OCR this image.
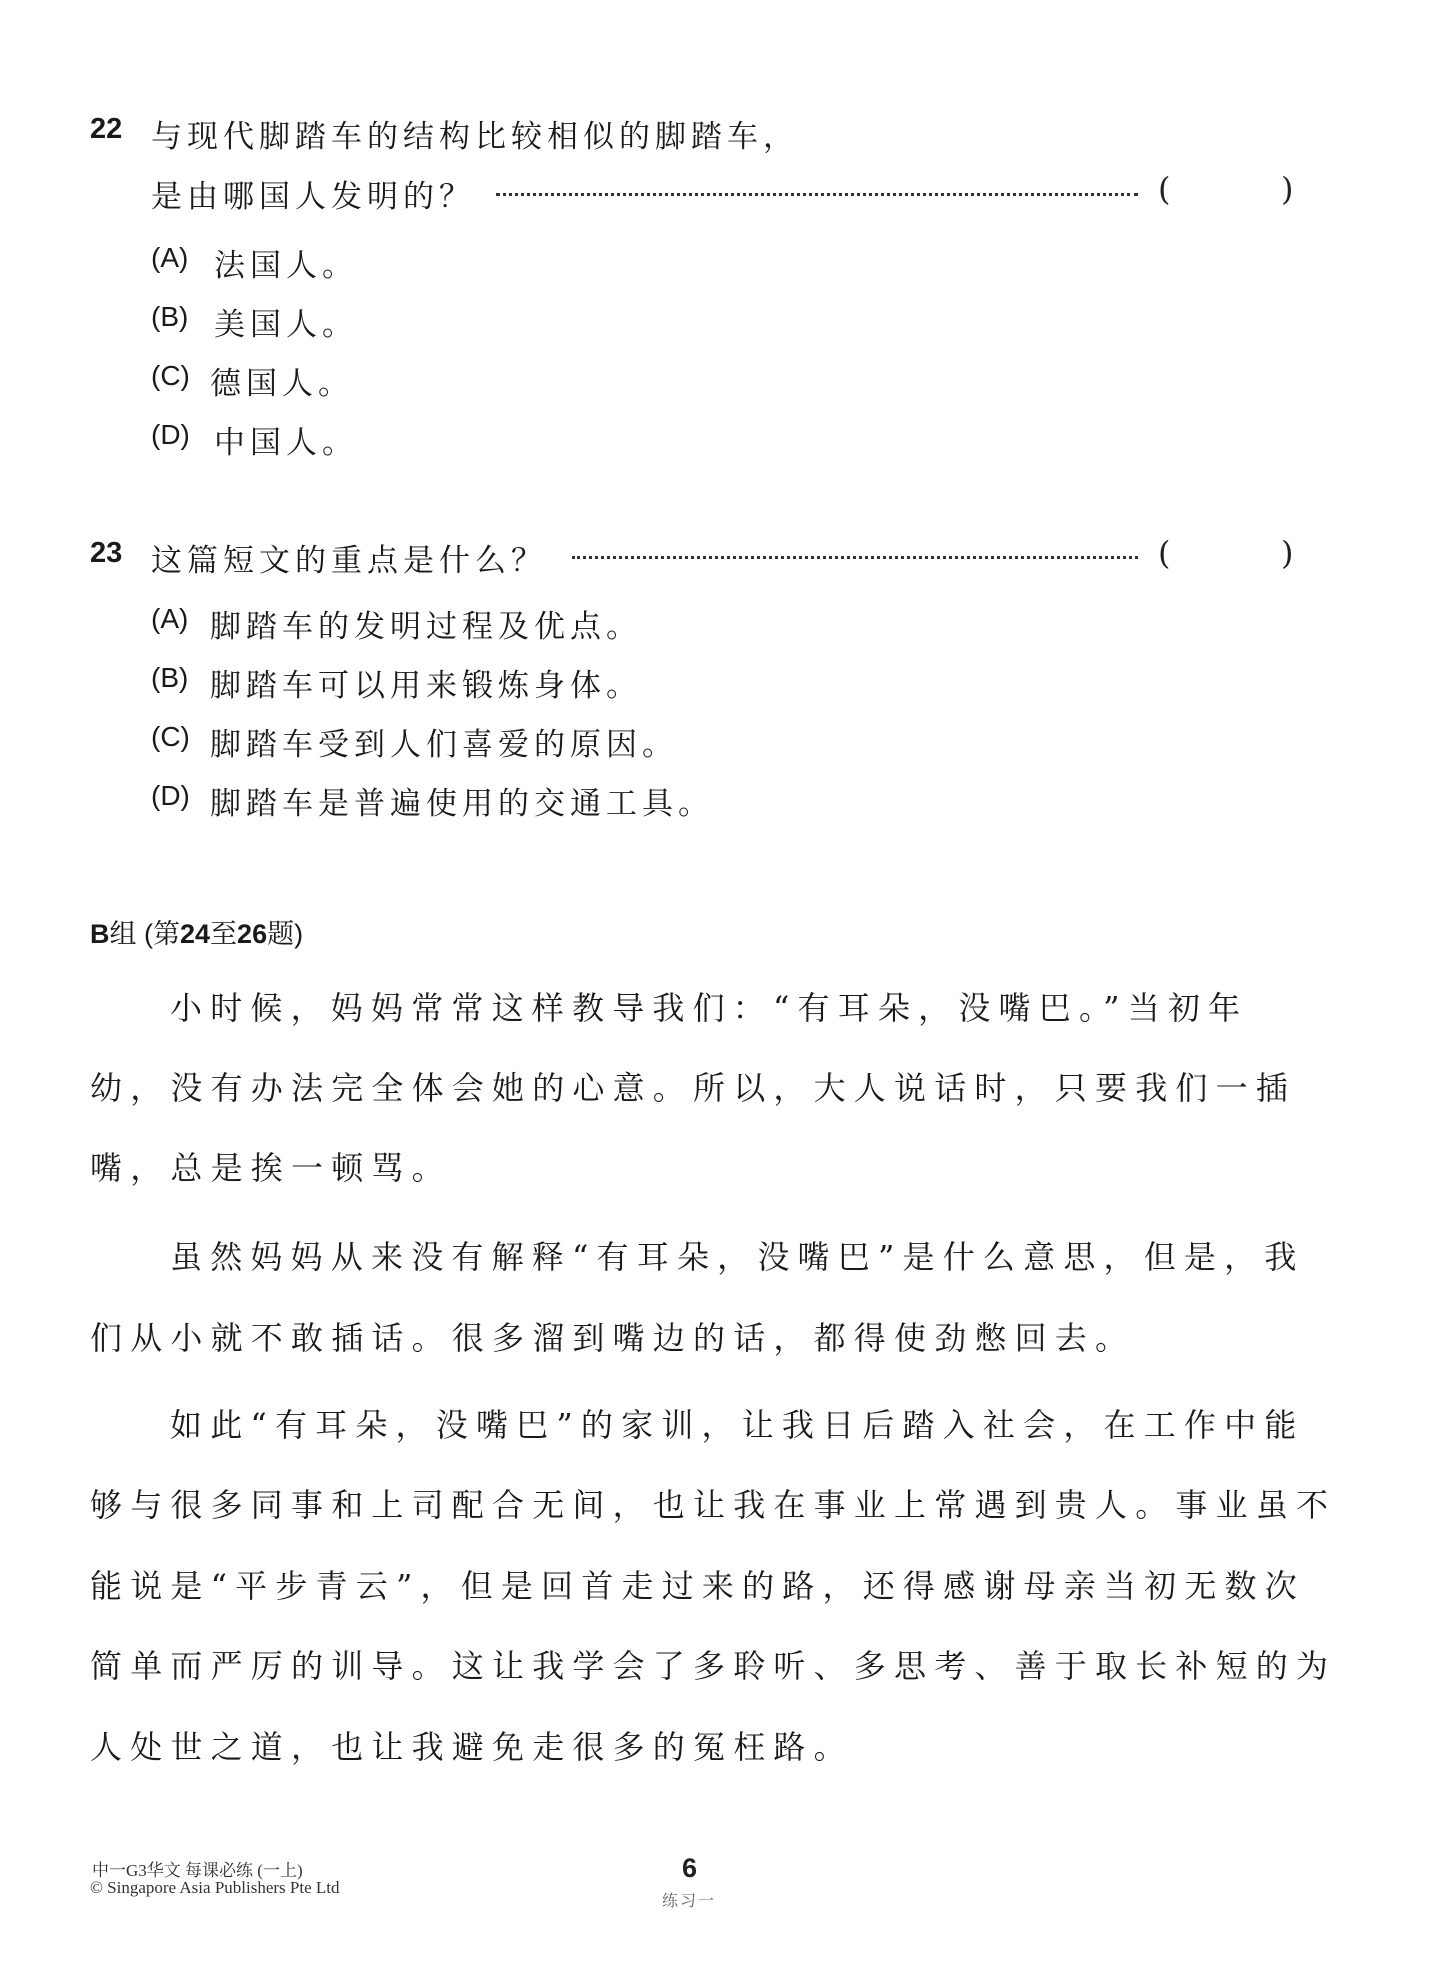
22 与现代脚踏车的结构比较相似的脚踏车，
是由哪国人发明的？	(	)
(A) 法国人。
(B) 美国人。
(C) 德国人。
(D) 中国人。
23 这篇短文的重点是什么？	(	)
(A) 脚踏车的发明过程及优点。
(B) 脚踏车可以用来锻炼身体。
(C) 脚踏车受到人们喜爱的原因。
(D) 脚踏车是普遍使用的交通工具。
B组 (第24至26题)
小时候，妈妈常常这样教导我们：“有耳朵，没嘴巴。”当初年
幼，没有办法完全体会她的心意。所以，大人说话时，只要我们一插
嘴，总是挨一顿骂。
虽然妈妈从来没有解释“有耳朵，没嘴巴”是什么意思，但是，我
们从小就不敢插话。很多溜到嘴边的话，都得使劲憋回去。
如此“有耳朵，没嘴巴”的家训，让我日后踏入社会，在工作中能
够与很多同事和上司配合无间，也让我在事业上常遇到贵人。事业虽不
能说是“平步青云”，但是回首走过来的路，还得感谢母亲当初无数次
简单而严厉的训导。这让我学会了多聆听、多思考、善于取长补短的为
人处世之道，也让我避免走很多的冤枉路。
中一G3华文 每课必练 (一上)
© Singapore Asia Publishers Pte Ltd
6
练习一
